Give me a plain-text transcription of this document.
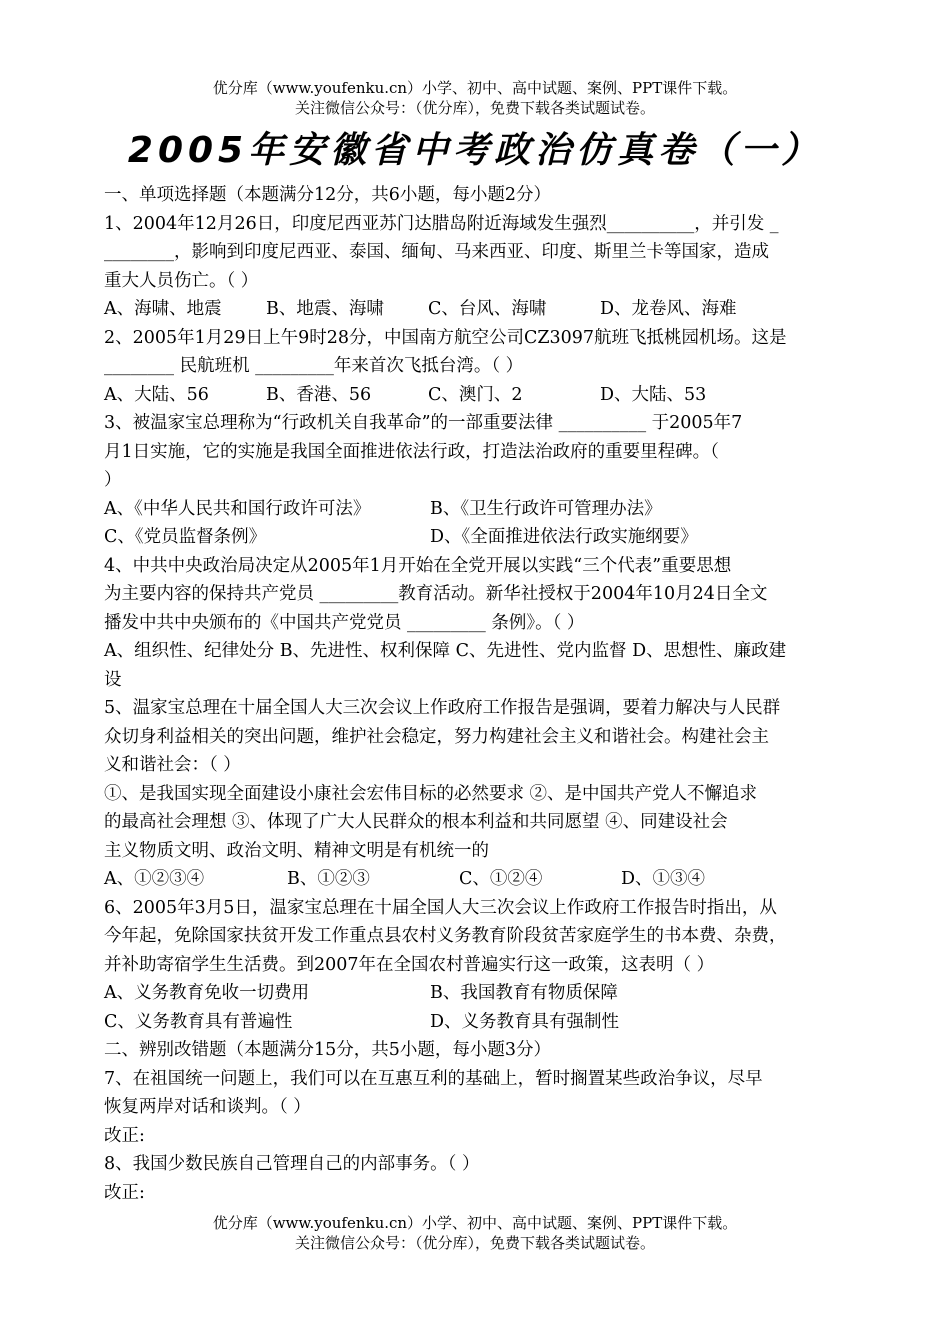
优分库（www.youfenku.cn）小学、初中、高中试题、案例、PPT课件下载。
关注微信公众号：（优分库），免费下载各类试题试卷。
2005年安徽省中考政治仿真卷（一）
一、单项选择题（本题满分12分，共6小题，每小题2分）
1、2004年12月26日，印度尼西亚苏门达腊岛附近海域发生强烈__________，并引发 _
________，影响到印度尼西亚、泰国、缅甸、马来西亚、印度、斯里兰卡等国家，造成
重大人员伤亡。（ ）
A、海啸、地震	B、地震、海啸	C、台风、海啸	D、龙卷风、海难
2、2005年1月29日上午9时28分，中国南方航空公司CZ3097航班飞抵桃园机场。这是
________ 民航班机 _________年来首次飞抵台湾。（ ）
A、大陆、56	B、香港、56	C、澳门、2	D、大陆、53
3、被温家宝总理称为“行政机关自我革命”的一部重要法律 __________ 于2005年7
月1日实施，它的实施是我国全面推进依法行政，打造法治政府的重要里程碑。（
）
A、《中华人民共和国行政许可法》	B、《卫生行政许可管理办法》
C、《党员监督条例》	D、《全面推进依法行政实施纲要》
4、中共中央政治局决定从2005年1月开始在全党开展以实践“三个代表”重要思想
为主要内容的保持共产党员 _________教育活动。新华社授权于2004年10月24日全文
播发中共中央颁布的《中国共产党党员 _________ 条例》。（ ）
A、组织性、纪律处分 B、先进性、权利保障 C、先进性、党内监督 D、思想性、廉政建
设
5、温家宝总理在十届全国人大三次会议上作政府工作报告是强调，要着力解决与人民群
众切身利益相关的突出问题，维护社会稳定，努力构建社会主义和谐社会。构建社会主
义和谐社会：（ ）
①、是我国实现全面建设小康社会宏伟目标的必然要求 ②、是中国共产党人不懈追求
的最高社会理想 ③、体现了广大人民群众的根本利益和共同愿望 ④、同建设社会
主义物质文明、政治文明、精神文明是有机统一的
A、①②③④	B、①②③	C、①②④	D、①③④
6、2005年3月5日，温家宝总理在十届全国人大三次会议上作政府工作报告时指出，从
今年起，免除国家扶贫开发工作重点县农村义务教育阶段贫苦家庭学生的书本费、杂费，
并补助寄宿学生生活费。到2007年在全国农村普遍实行这一政策，这表明（ ）
A、义务教育免收一切费用	B、我国教育有物质保障
C、义务教育具有普遍性	D、义务教育具有强制性
二、辨别改错题（本题满分15分，共5小题，每小题3分）
7、在祖国统一问题上，我们可以在互惠互利的基础上，暂时搁置某些政治争议，尽早
恢复两岸对话和谈判。（ ）
改正:
8、我国少数民族自己管理自己的内部事务。（ ）
改正:
优分库（www.youfenku.cn）小学、初中、高中试题、案例、PPT课件下载。
关注微信公众号：（优分库），免费下载各类试题试卷。
